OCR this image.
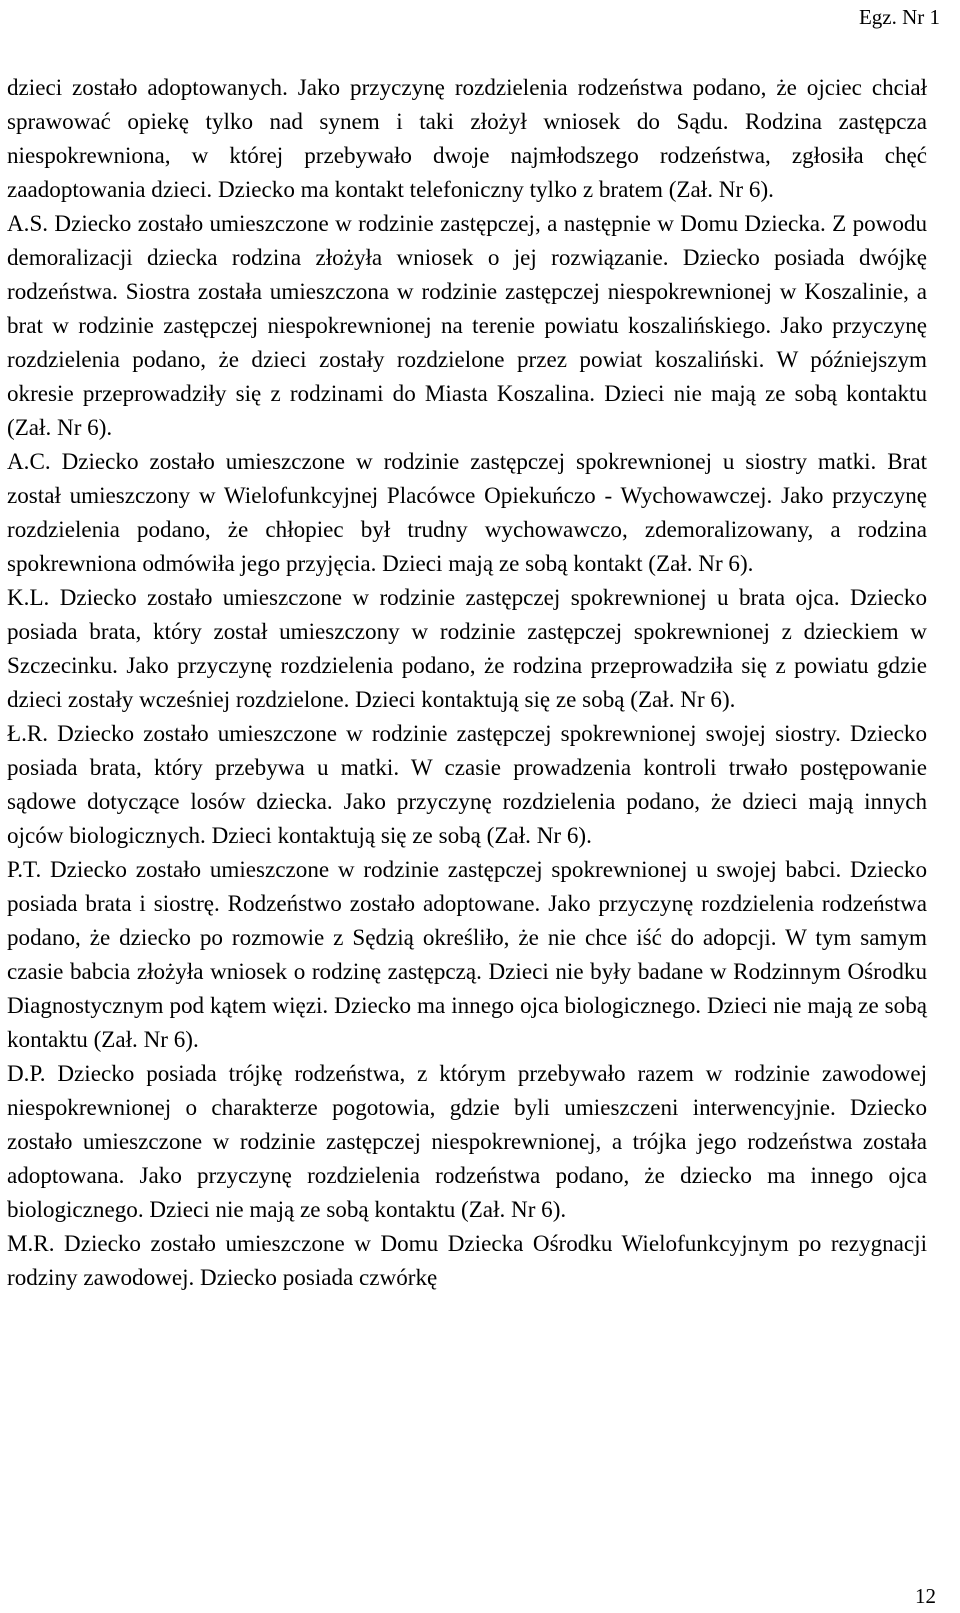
Egz. Nr 1

dzieci zostało adoptowanych. Jako przyczynę rozdzielenia rodzeństwa podano, że ojciec chciał sprawować opiekę tylko nad synem i taki złożył wniosek do Sądu. Rodzina zastępcza niespokrewniona, w której przebywało dwoje najmłodszego rodzeństwa, zgłosiła chęć zaadoptowania dzieci. Dziecko ma kontakt telefoniczny tylko z bratem (Zał. Nr 6).

A.S. Dziecko zostało umieszczone w rodzinie zastępczej, a następnie w Domu Dziecka. Z powodu demoralizacji dziecka rodzina złożyła wniosek o jej rozwiązanie. Dziecko posiada dwójkę rodzeństwa. Siostra została umieszczona w rodzinie zastępczej niespokrewnionej w Koszalinie, a brat w rodzinie zastępczej niespokrewnionej na terenie powiatu koszalińskiego. Jako przyczynę rozdzielenia podano, że dzieci zostały rozdzielone przez powiat koszaliński. W późniejszym okresie przeprowadziły się z rodzinami do Miasta Koszalina. Dzieci nie mają ze sobą kontaktu (Zał. Nr 6).

A.C. Dziecko zostało umieszczone w rodzinie zastępczej spokrewnionej u siostry matki. Brat został umieszczony w Wielofunkcyjnej Placówce Opiekuńczo - Wychowawczej. Jako przyczynę rozdzielenia podano, że chłopiec był trudny wychowawczo, zdemoralizowany, a rodzina spokrewniona odmówiła jego przyjęcia. Dzieci mają ze sobą kontakt (Zał. Nr 6).

K.L. Dziecko zostało umieszczone w rodzinie zastępczej spokrewnionej u brata ojca. Dziecko posiada brata, który został umieszczony w rodzinie zastępczej spokrewnionej z dzieckiem w Szczecinku. Jako przyczynę rozdzielenia podano, że rodzina przeprowadziła się z powiatu gdzie dzieci zostały wcześniej rozdzielone. Dzieci kontaktują się ze sobą (Zał. Nr 6).

Ł.R. Dziecko zostało umieszczone w rodzinie zastępczej spokrewnionej swojej siostry. Dziecko posiada brata, który przebywa u matki. W czasie prowadzenia kontroli trwało postępowanie sądowe dotyczące losów dziecka. Jako przyczynę rozdzielenia podano, że dzieci mają innych ojców biologicznych. Dzieci kontaktują się ze sobą (Zał. Nr 6).

P.T. Dziecko zostało umieszczone w rodzinie zastępczej spokrewnionej u swojej babci. Dziecko posiada brata i siostrę. Rodzeństwo zostało adoptowane. Jako przyczynę rozdzielenia rodzeństwa podano, że dziecko po rozmowie z Sędzią określiło, że nie chce iść do adopcji. W tym samym czasie babcia złożyła wniosek o rodzinę zastępczą. Dzieci nie były badane w Rodzinnym Ośrodku Diagnostycznym pod kątem więzi. Dziecko ma innego ojca biologicznego. Dzieci nie mają ze sobą kontaktu (Zał. Nr 6).

D.P. Dziecko posiada trójkę rodzeństwa, z którym przebywało razem w rodzinie zawodowej niespokrewnionej o charakterze pogotowia, gdzie byli umieszczeni interwencyjnie. Dziecko zostało umieszczone w rodzinie zastępczej niespokrewnionej, a trójka jego rodzeństwa została adoptowana. Jako przyczynę rozdzielenia rodzeństwa podano, że dziecko ma innego ojca biologicznego. Dzieci nie mają ze sobą kontaktu (Zał. Nr 6).

M.R. Dziecko zostało umieszczone w Domu Dziecka Ośrodku Wielofunkcyjnym po rezygnacji rodziny zawodowej. Dziecko posiada czwórkę

12
